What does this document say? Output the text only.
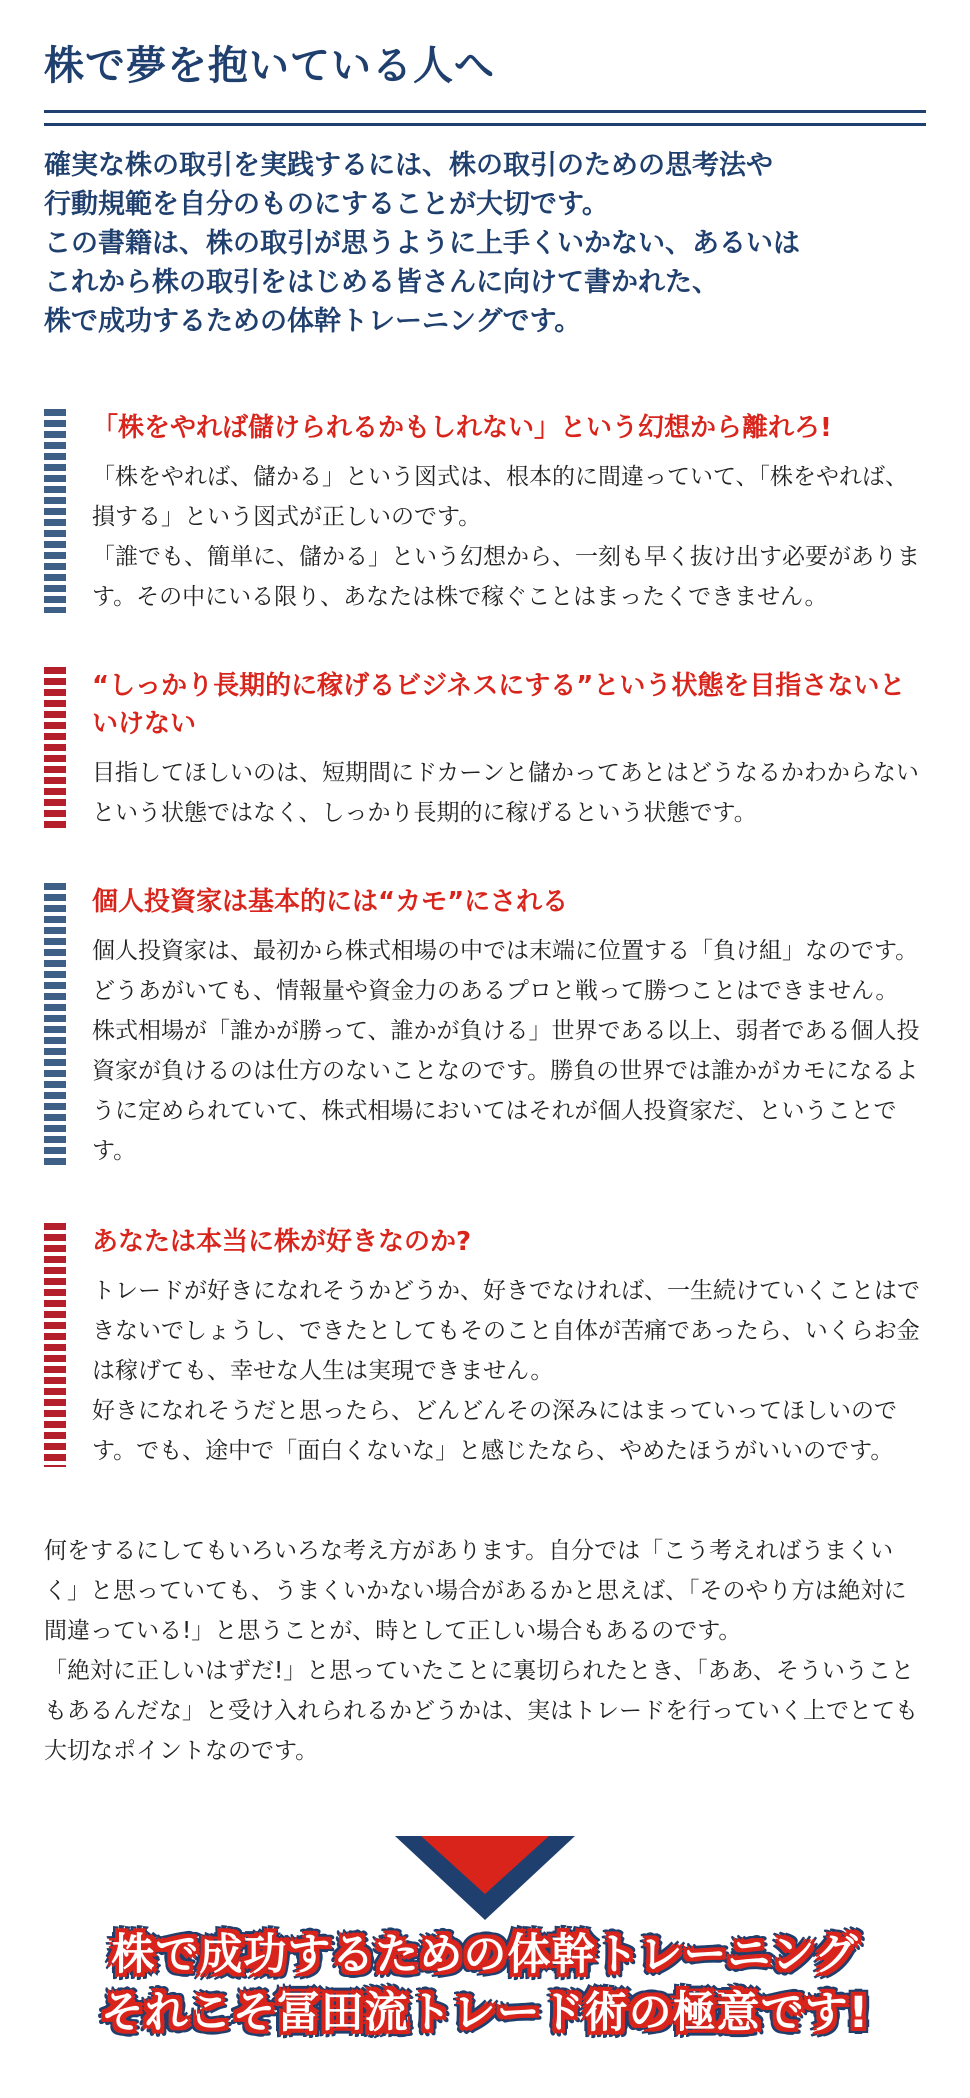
株で夢を抱いている人へ

確実な株の取引を実践するには、株の取引のための思考法や

行動規範を自分のものにすることが大切です。

この書籍は、株の取引が思うように上手くいかない、あるいは

これから株の取引をはじめる皆さんに向けて書かれた、

株で成功するための体幹トレーニングです。

「株をやれば儲けられるかもしれない」という幻想から離れろ!

「株をやれば、儲かる」という図式は、根本的に間違っていて、「株をやれば、損する」という図式が正しいのです。

「誰でも、簡単に、儲かる」という幻想から、一刻も早く抜け出す必要があります。その中にいる限り、あなたは株で稼ぐことはまったくできません。

“しっかり長期的に稼げるビジネスにする”という状態を目指さないといけない

目指してほしいのは、短期間にドカーンと儲かってあとはどうなるかわからないという状態ではなく、しっかり長期的に稼げるという状態です。

個人投資家は基本的には“カモ”にされる

個人投資家は、最初から株式相場の中では末端に位置する「負け組」なのです。どうあがいても、情報量や資金力のあるプロと戦って勝つことはできません。

株式相場が「誰かが勝って、誰かが負ける」世界である以上、弱者である個人投資家が負けるのは仕方のないことなのです。勝負の世界では誰かがカモになるように定められていて、株式相場においてはそれが個人投資家だ、ということです。

あなたは本当に株が好きなのか?

トレードが好きになれそうかどうか、好きでなければ、一生続けていくことはできないでしょうし、できたとしてもそのこと自体が苦痛であったら、いくらお金は稼げても、幸せな人生は実現できません。

好きになれそうだと思ったら、どんどんその深みにはまっていってほしいのです。でも、途中で「面白くないな」と感じたなら、やめたほうがいいのです。

何をするにしてもいろいろな考え方があります。自分では「こう考えればうまくいく」と思っていても、うまくいかない場合があるかと思えば、「そのやり方は絶対に間違っている!」と思うことが、時として正しい場合もあるのです。

「絶対に正しいはずだ!」と思っていたことに裏切られたとき、「ああ、そういうこともあるんだな」と受け入れられるかどうかは、実はトレードを行っていく上でとても大切なポイントなのです。

株で成功するための体幹トレーニング
それこそ冨田流トレード術の極意です!
